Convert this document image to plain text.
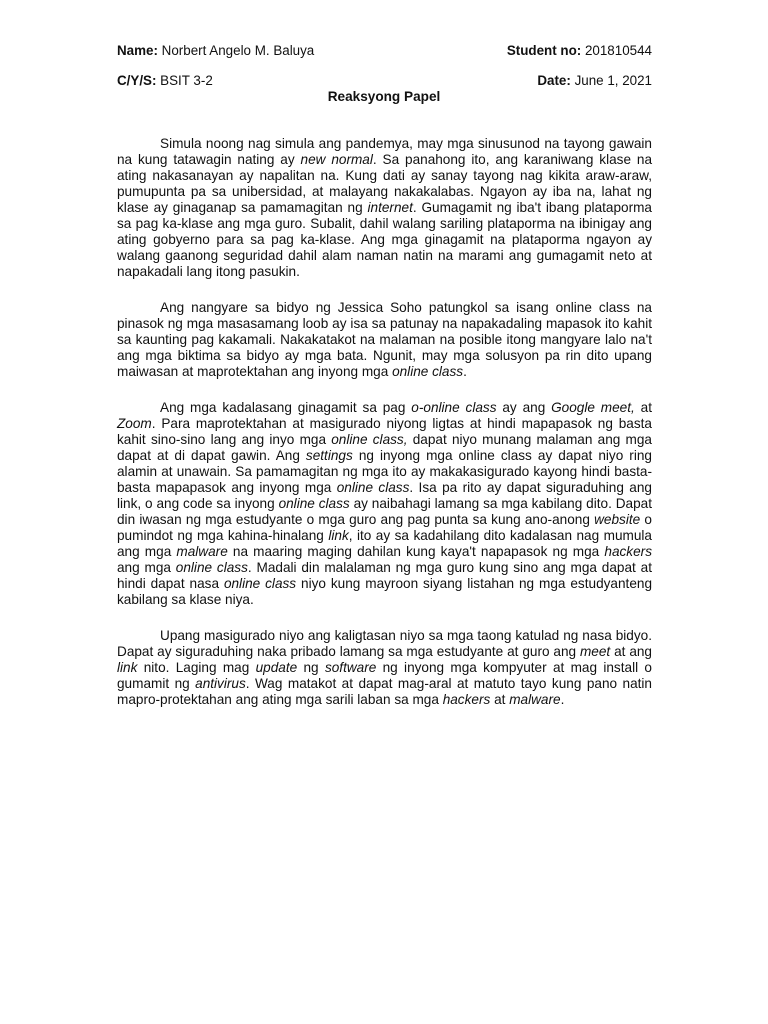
Name: Norbert Angelo M. Baluya	Student no: 201810544
C/Y/S: BSIT 3-2	Date: June 1, 2021
Reaksyong Papel

Simula noong nag simula ang pandemya, may mga sinusunod na tayong gawain na kung tatawagin nating ay new normal. Sa panahong ito, ang karaniwang klase na ating nakasanayan ay napalitan na. Kung dati ay sanay tayong nag kikita araw-araw, pumupunta pa sa unibersidad, at malayang nakakalabas. Ngayon ay iba na, lahat ng klase ay ginaganap sa pamamagitan ng internet. Gumagamit ng iba't ibang plataporma sa pag ka-klase ang mga guro. Subalit, dahil walang sariling plataporma na ibinigay ang ating gobyerno para sa pag ka-klase. Ang mga ginagamit na plataporma ngayon ay walang gaanong seguridad dahil alam naman natin na marami ang gumagamit neto at napakadali lang itong pasukin.

Ang nangyare sa bidyo ng Jessica Soho patungkol sa isang online class na pinasok ng mga masasamang loob ay isa sa patunay na napakadaling mapasok ito kahit sa kaunting pag kakamali. Nakakatakot na malaman na posible itong mangyare lalo na't ang mga biktima sa bidyo ay mga bata. Ngunit, may mga solusyon pa rin dito upang maiwasan at maprotektahan ang inyong mga online class.

Ang mga kadalasang ginagamit sa pag o-online class ay ang Google meet, at Zoom. Para maprotektahan at masigurado niyong ligtas at hindi mapapasok ng basta kahit sino-sino lang ang inyo mga online class, dapat niyo munang malaman ang mga dapat at di dapat gawin. Ang settings ng inyong mga online class ay dapat niyo ring alamin at unawain. Sa pamamagitan ng mga ito ay makakasigurado kayong hindi basta-basta mapapasok ang inyong mga online class. Isa pa rito ay dapat siguraduhing ang link, o ang code sa inyong online class ay naibahagi lamang sa mga kabilang dito. Dapat din iwasan ng mga estudyante o mga guro ang pag punta sa kung ano-anong website o pumindot ng mga kahina-hinalang link, ito ay sa kadahilang dito kadalasan nag mumula ang mga malware na maaring maging dahilan kung kaya't napapasok ng mga hackers ang mga online class. Madali din malalaman ng mga guro kung sino ang mga dapat at hindi dapat nasa online class niyo kung mayroon siyang listahan ng mga estudyanteng kabilang sa klase niya.

Upang masigurado niyo ang kaligtasan niyo sa mga taong katulad ng nasa bidyo. Dapat ay siguraduhing naka pribado lamang sa mga estudyante at guro ang meet at ang link nito. Laging mag update ng software ng inyong mga kompyuter at mag install o gumamit ng antivirus. Wag matakot at dapat mag-aral at matuto tayo kung pano natin mapro-protektahan ang ating mga sarili laban sa mga hackers at malware.
